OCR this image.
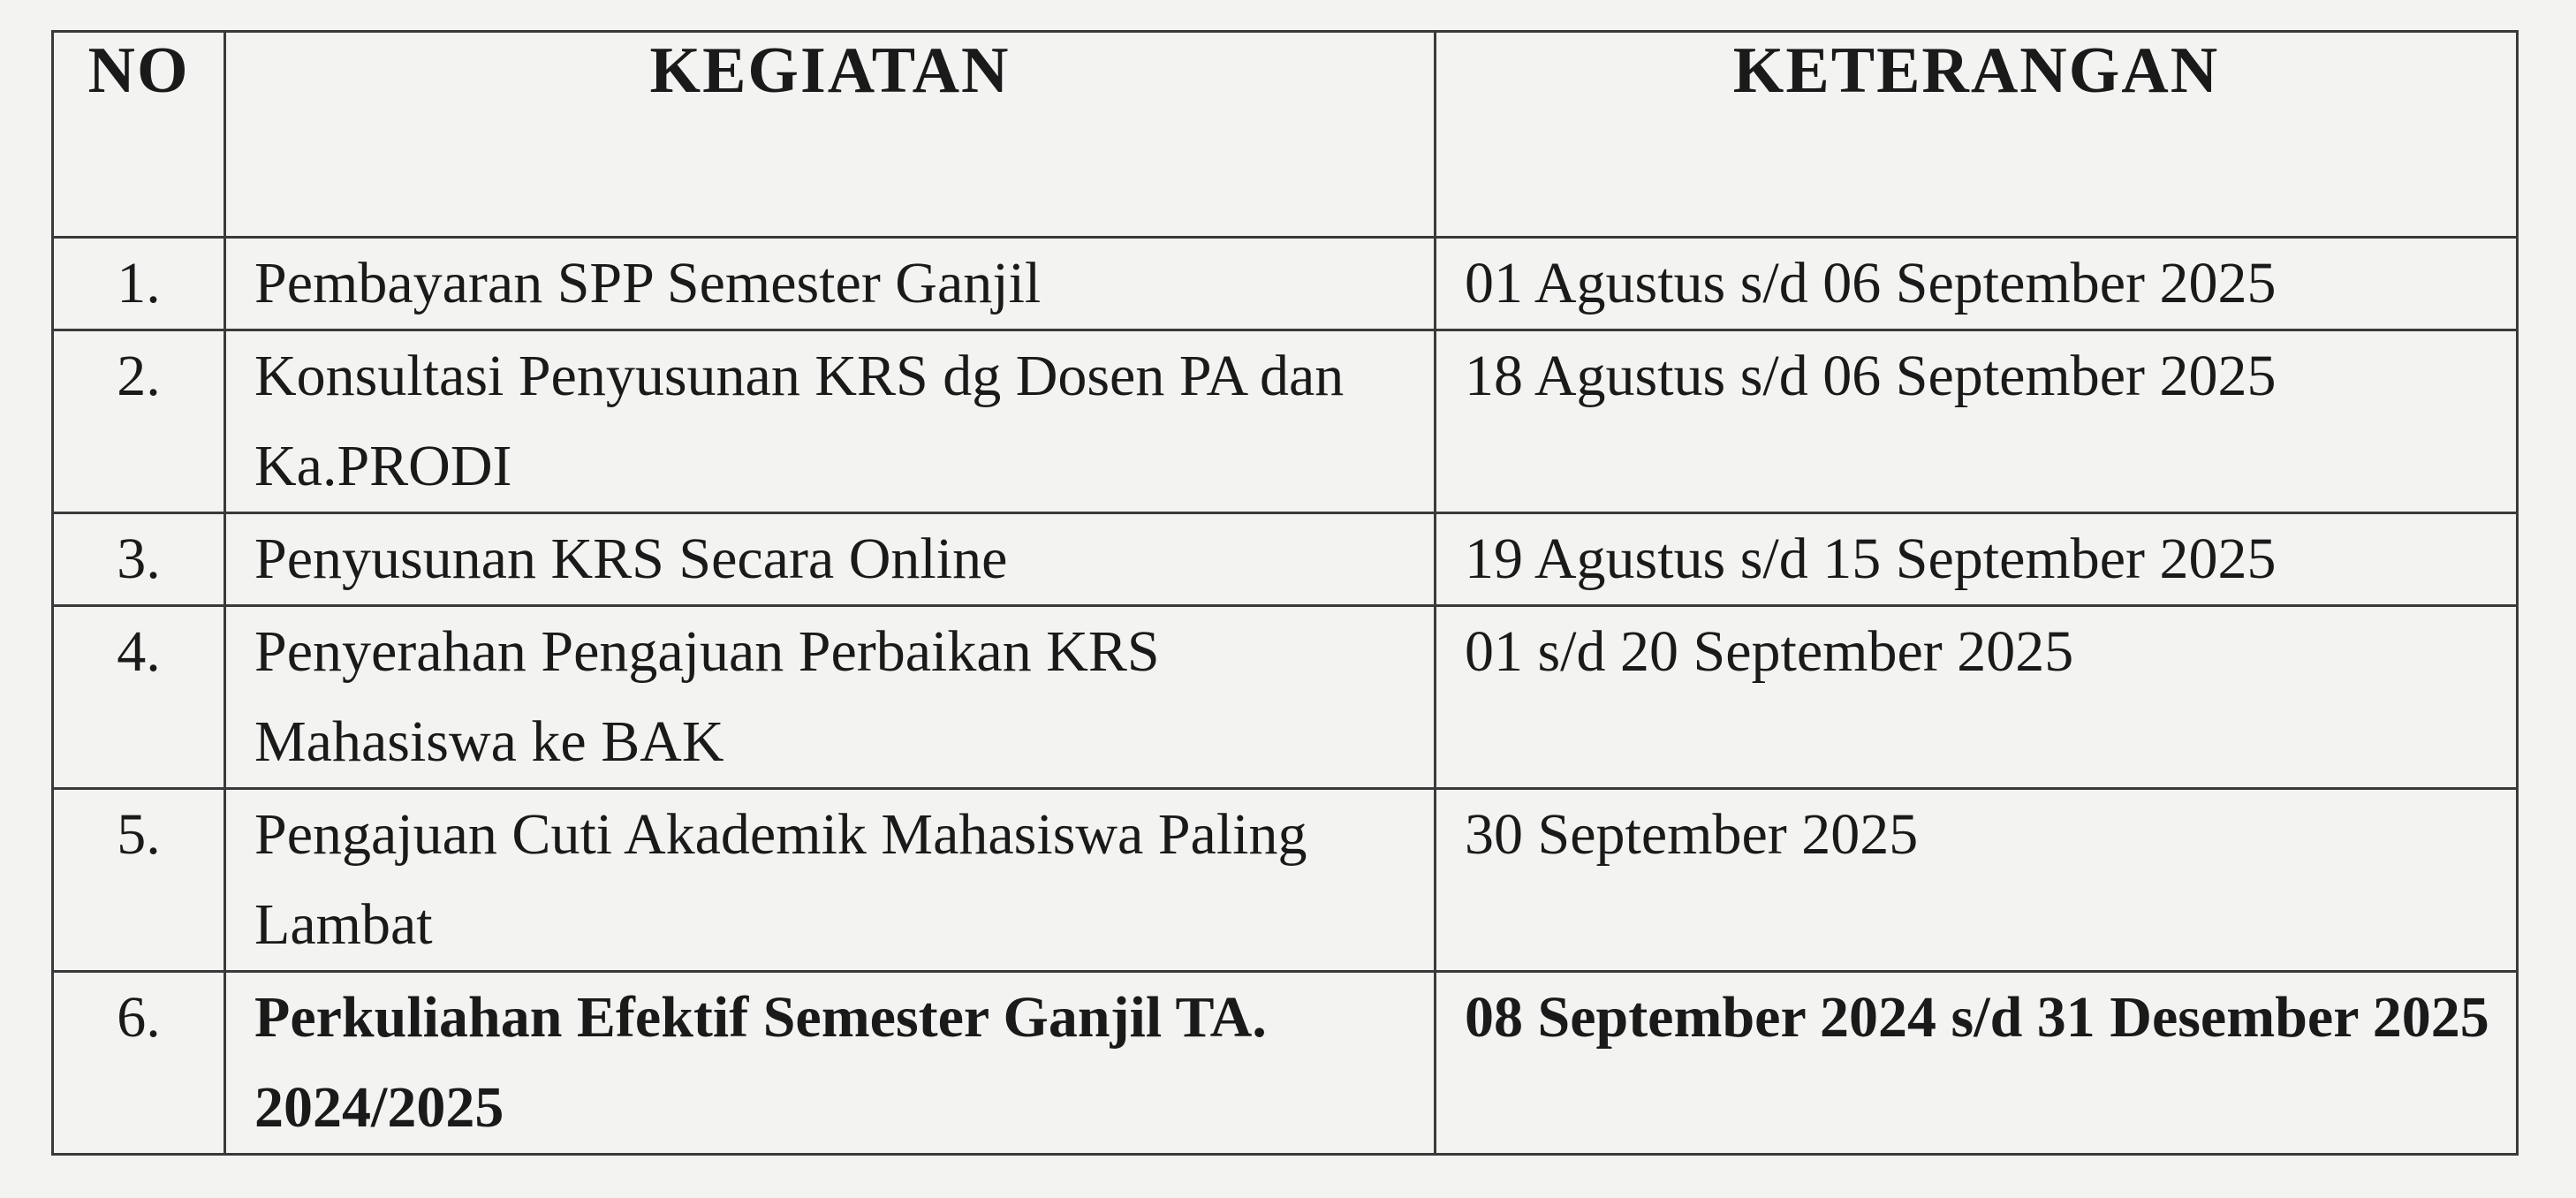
NO	KEGIATAN	KETERANGAN
1.	Pembayaran SPP Semester Ganjil	01 Agustus s/d 06 September 2025
2.	Konsultasi Penyusunan KRS dg Dosen PA dan Ka.PRODI	18 Agustus s/d 06 September 2025
3.	Penyusunan KRS Secara Online	19 Agustus s/d 15 September 2025
4.	Penyerahan Pengajuan Perbaikan KRS Mahasiswa ke BAK	01 s/d 20 September 2025
5.	Pengajuan Cuti Akademik Mahasiswa Paling Lambat	30 September 2025
6.	Perkuliahan Efektif Semester Ganjil TA. 2024/2025	08 September 2024 s/d 31 Desember 2025
